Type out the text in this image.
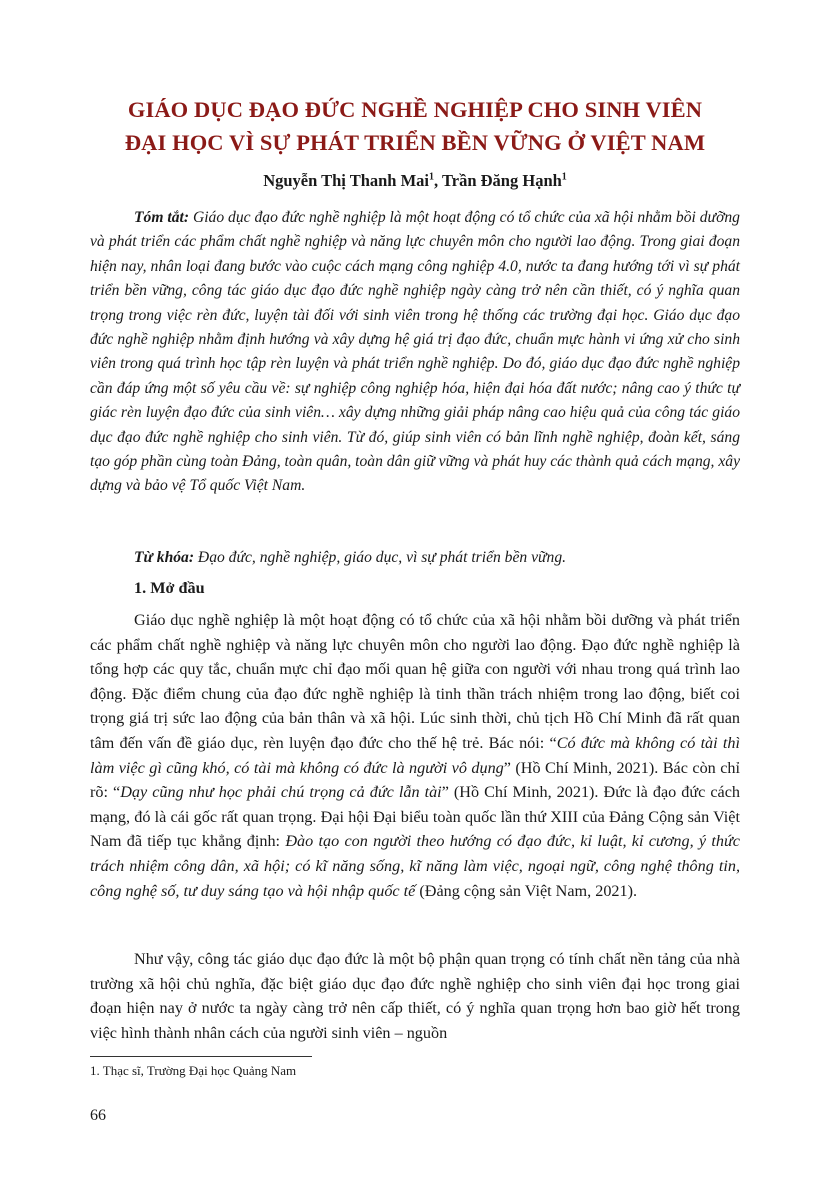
GIÁO DỤC ĐẠO ĐỨC NGHỀ NGHIỆP CHO SINH VIÊN
ĐẠI HỌC VÌ SỰ PHÁT TRIỂN BỀN VỮNG Ở VIỆT NAM

Nguyễn Thị Thanh Mai$^1$, Trần Đăng Hạnh$^1$

Tóm tắt: Giáo dục đạo đức nghề nghiệp là một hoạt động có tổ chức của xã hội nhằm bồi dưỡng và phát triển các phẩm chất nghề nghiệp và năng lực chuyên môn cho người lao động. Trong giai đoạn hiện nay, nhân loại đang bước vào cuộc cách mạng công nghiệp 4.0, nước ta đang hướng tới vì sự phát triển bền vững, công tác giáo dục đạo đức nghề nghiệp ngày càng trở nên cần thiết, có ý nghĩa quan trọng trong việc rèn đức, luyện tài đối với sinh viên trong hệ thống các trường đại học. Giáo dục đạo đức nghề nghiệp nhằm định hướng và xây dựng hệ giá trị đạo đức, chuẩn mực hành vi ứng xử cho sinh viên trong quá trình học tập rèn luyện và phát triển nghề nghiệp. Do đó, giáo dục đạo đức nghề nghiệp cần đáp ứng một số yêu cầu về: sự nghiệp công nghiệp hóa, hiện đại hóa đất nước; nâng cao ý thức tự giác rèn luyện đạo đức của sinh viên… xây dựng những giải pháp nâng cao hiệu quả của công tác giáo dục đạo đức nghề nghiệp cho sinh viên. Từ đó, giúp sinh viên có bản lĩnh nghề nghiệp, đoàn kết, sáng tạo góp phần cùng toàn Đảng, toàn quân, toàn dân giữ vững và phát huy các thành quả cách mạng, xây dựng và bảo vệ Tổ quốc Việt Nam.

Từ khóa: Đạo đức, nghề nghiệp, giáo dục, vì sự phát triển bền vững.

1. Mở đầu

Giáo dục nghề nghiệp là một hoạt động có tổ chức của xã hội nhằm bồi dưỡng và phát triển các phẩm chất nghề nghiệp và năng lực chuyên môn cho người lao động. Đạo đức nghề nghiệp là tổng hợp các quy tắc, chuẩn mực chỉ đạo mối quan hệ giữa con người với nhau trong quá trình lao động. Đặc điểm chung của đạo đức nghề nghiệp là tinh thần trách nhiệm trong lao động, biết coi trọng giá trị sức lao động của bản thân và xã hội. Lúc sinh thời, chủ tịch Hồ Chí Minh đã rất quan tâm đến vấn đề giáo dục, rèn luyện đạo đức cho thế hệ trẻ. Bác nói: “Có đức mà không có tài thì làm việc gì cũng khó, có tài mà không có đức là người vô dụng” (Hồ Chí Minh, 2021). Bác còn chỉ rõ: “Dạy cũng như học phải chú trọng cả đức lẫn tài” (Hồ Chí Minh, 2021). Đức là đạo đức cách mạng, đó là cái gốc rất quan trọng. Đại hội Đại biểu toàn quốc lần thứ XIII của Đảng Cộng sản Việt Nam đã tiếp tục khẳng định: Đào tạo con người theo hướng có đạo đức, kỉ luật, kỉ cương, ý thức trách nhiệm công dân, xã hội; có kĩ năng sống, kĩ năng làm việc, ngoại ngữ, công nghệ thông tin, công nghệ số, tư duy sáng tạo và hội nhập quốc tế (Đảng cộng sản Việt Nam, 2021).

Như vậy, công tác giáo dục đạo đức là một bộ phận quan trọng có tính chất nền tảng của nhà trường xã hội chủ nghĩa, đặc biệt giáo dục đạo đức nghề nghiệp cho sinh viên đại học trong giai đoạn hiện nay ở nước ta ngày càng trở nên cấp thiết, có ý nghĩa quan trọng hơn bao giờ hết trong việc hình thành nhân cách của người sinh viên – nguồn

1. Thạc sĩ, Trường Đại học Quảng Nam

66
